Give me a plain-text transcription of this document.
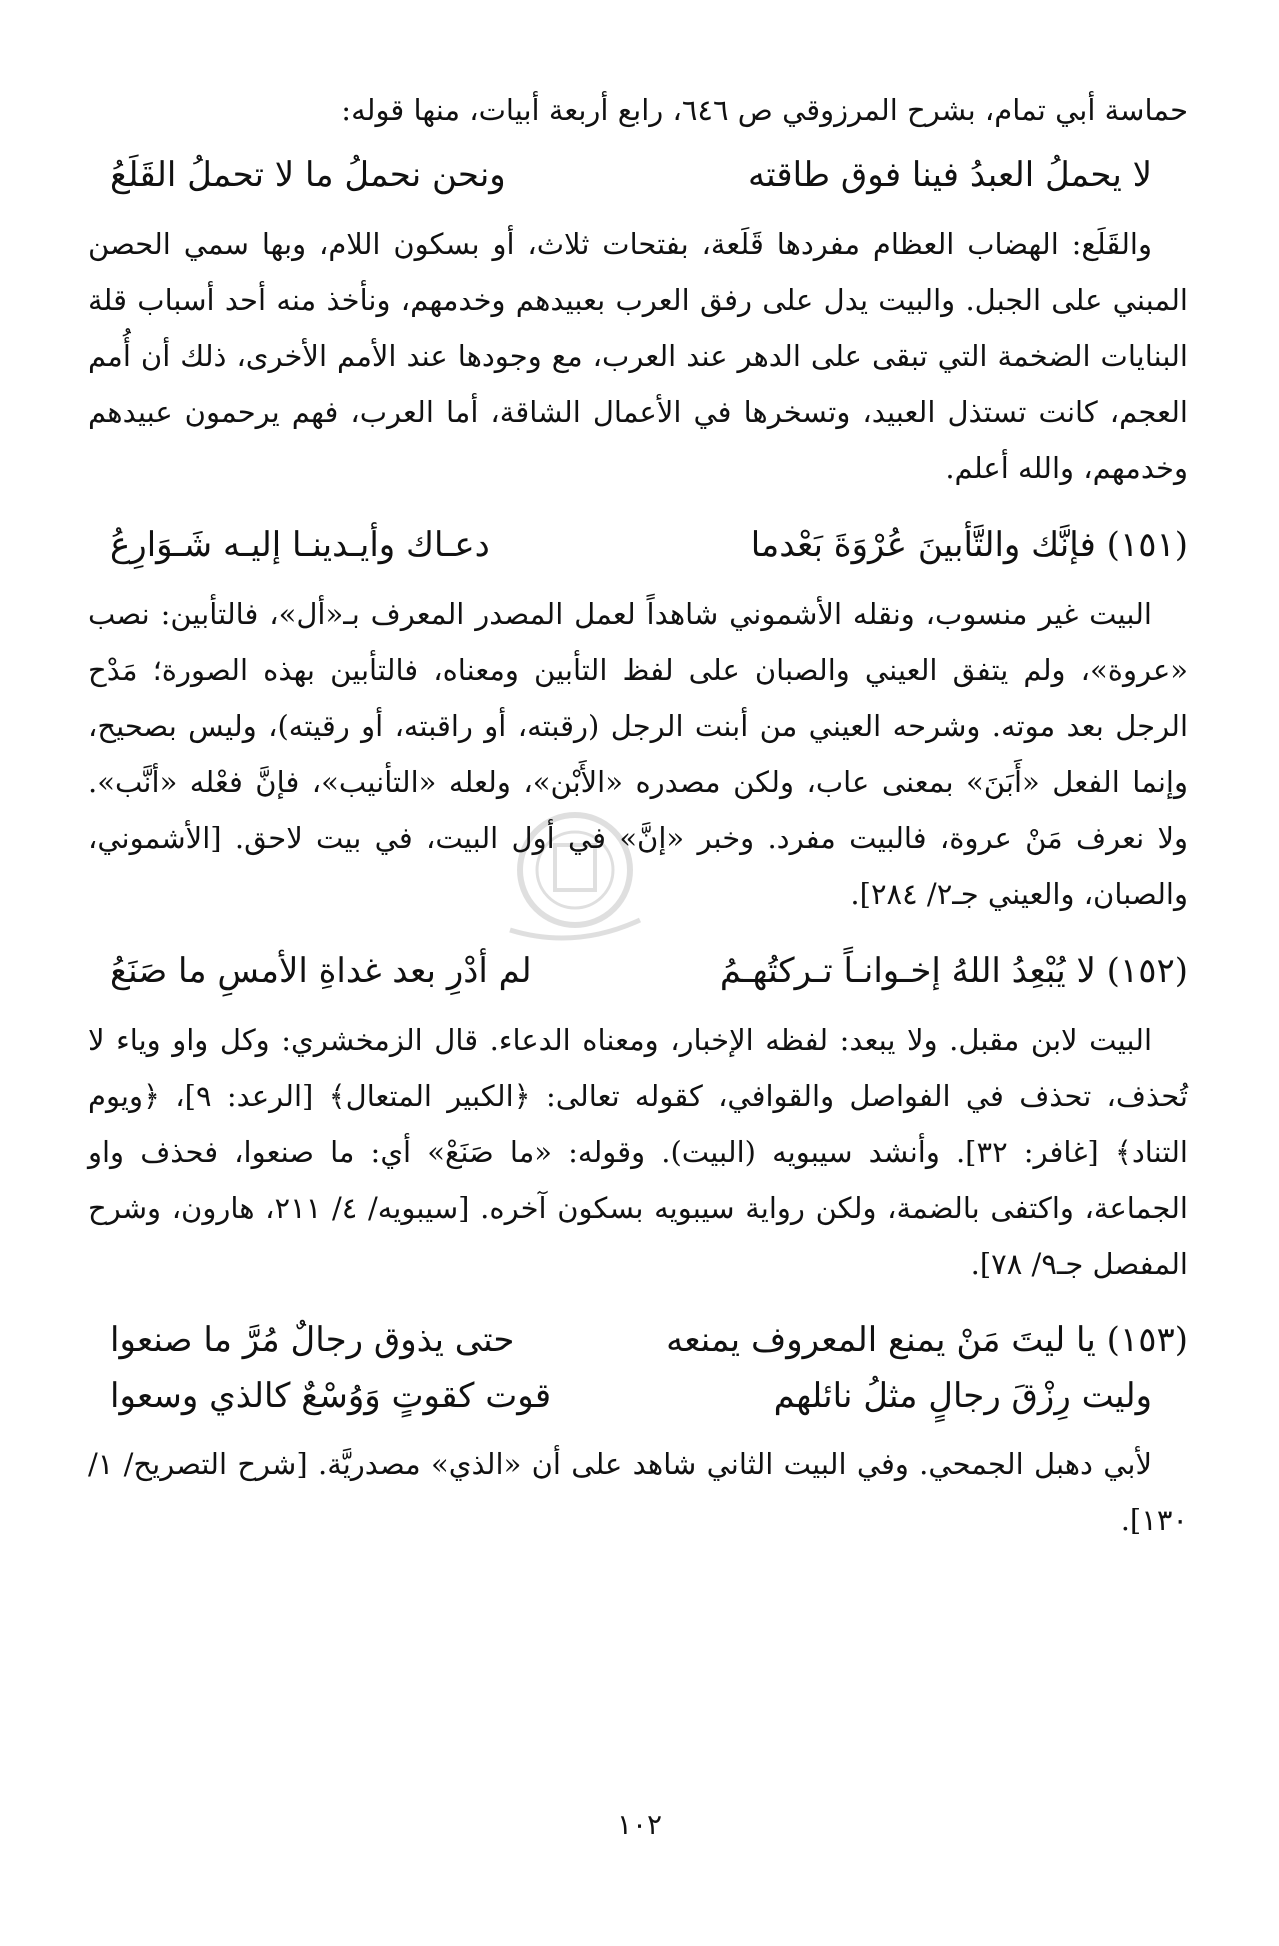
حماسة أبي تمام، بشرح المرزوقي ص ٦٤٦، رابع أربعة أبيات، منها قوله:

لا يحملُ العبدُ فينا فوق طاقته
ونحن نحملُ ما لا تحملُ القَلَعُ

والقَلَع: الهضاب العظام مفردها قَلَعة، بفتحات ثلاث، أو بسكون اللام، وبها سمي الحصن المبني على الجبل. والبيت يدل على رفق العرب بعبيدهم وخدمهم، ونأخذ منه أحد أسباب قلة البنايات الضخمة التي تبقى على الدهر عند العرب، مع وجودها عند الأمم الأخرى، ذلك أن أُمم العجم، كانت تستذل العبيد، وتسخرها في الأعمال الشاقة، أما العرب، فهم يرحمون عبيدهم وخدمهم، والله أعلم.

(١٥١) فإنَّك والتَّأبينَ عُرْوَةَ بَعْدما
دعـاك وأيـدينـا إليـه شَـوَارِعُ

البيت غير منسوب، ونقله الأشموني شاهداً لعمل المصدر المعرف بـ«أل»، فالتأبين: نصب «عروة»، ولم يتفق العيني والصبان على لفظ التأبين ومعناه، فالتأبين بهذه الصورة؛ مَدْح الرجل بعد موته. وشرحه العيني من أبنت الرجل (رقبته، أو راقبته، أو رقيته)، وليس بصحيح، وإنما الفعل «أَبَنَ» بمعنى عاب، ولكن مصدره «الأَبْن»، ولعله «التأنيب»، فإنَّ فعْله «أنَّب». ولا نعرف مَنْ عروة، فالبيت مفرد. وخبر «إنَّ» في أول البيت، في بيت لاحق. [الأشموني، والصبان، والعيني جـ٢/ ٢٨٤].

(١٥٢) لا يُبْعِدُ اللهُ إخـوانـاً تـركتُهـمُ
لم أدْرِ بعد غداةِ الأمسِ ما صَنَعُ

البيت لابن مقبل. ولا يبعد: لفظه الإخبار، ومعناه الدعاء. قال الزمخشري: وكل واو وياء لا تُحذف، تحذف في الفواصل والقوافي، كقوله تعالى: ﴿الكبير المتعال﴾ [الرعد: ٩]، ﴿ويوم التناد﴾ [غافر: ٣٢]. وأنشد سيبويه (البيت). وقوله: «ما صَنَعْ» أي: ما صنعوا، فحذف واو الجماعة، واكتفى بالضمة، ولكن رواية سيبويه بسكون آخره. [سيبويه/ ٤/ ٢١١، هارون، وشرح المفصل جـ٩/ ٧٨].

(١٥٣) يا ليتَ مَنْ يمنع المعروف يمنعه
حتى يذوق رجالٌ مُرَّ ما صنعوا
وليت رِزْقَ رجالٍ مثلُ نائلهم
قوت كقوتٍ وَوُسْعٌ كالذي وسعوا

لأبي دهبل الجمحي. وفي البيت الثاني شاهد على أن «الذي» مصدريَّة. [شرح التصريح/ ١/ ١٣٠].

١٠٢
